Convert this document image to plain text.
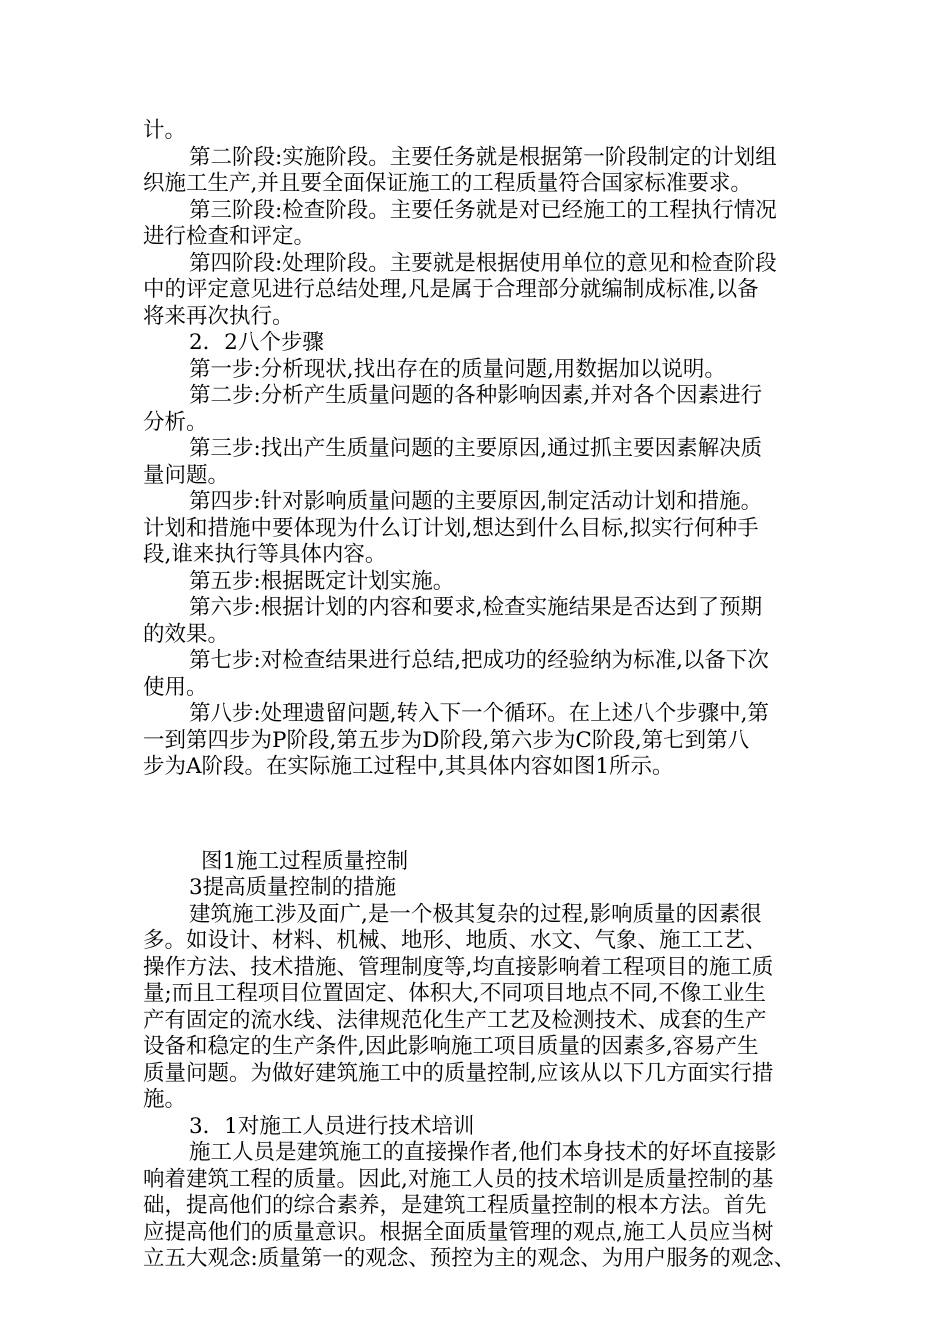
计。
第二阶段:实施阶段。主要任务就是根据第一阶段制定的计划组
织施工生产,并且要全面保证施工的工程质量符合国家标准要求。
第三阶段:检查阶段。主要任务就是对已经施工的工程执行情况
进行检查和评定。
第四阶段:处理阶段。主要就是根据使用单位的意见和检查阶段
中的评定意见进行总结处理,凡是属于合理部分就编制成标准,以备
将来再次执行。
2．2八个步骤
第一步:分析现状,找出存在的质量问题,用数据加以说明。
第二步:分析产生质量问题的各种影响因素,并对各个因素进行
分析。
第三步:找出产生质量问题的主要原因,通过抓主要因素解决质
量问题。
第四步:针对影响质量问题的主要原因,制定活动计划和措施。
计划和措施中要体现为什么订计划,想达到什么目标,拟实行何种手
段,谁来执行等具体内容。
第五步:根据既定计划实施。
第六步:根据计划的内容和要求,检查实施结果是否达到了预期
的效果。
第七步:对检查结果进行总结,把成功的经验纳为标准,以备下次
使用。
第八步:处理遗留问题,转入下一个循环。在上述八个步骤中,第
一到第四步为P阶段,第五步为D阶段,第六步为C阶段,第七到第八
步为A阶段。在实际施工过程中,其具体内容如图1所示。
图1施工过程质量控制
3提高质量控制的措施
建筑施工涉及面广,是一个极其复杂的过程,影响质量的因素很
多。如设计、材料、机械、地形、地质、水文、气象、施工工艺、
操作方法、技术措施、管理制度等,均直接影响着工程项目的施工质
量;而且工程项目位置固定、体积大,不同项目地点不同,不像工业生
产有固定的流水线、法律规范化生产工艺及检测技术、成套的生产
设备和稳定的生产条件,因此影响施工项目质量的因素多,容易产生
质量问题。为做好建筑施工中的质量控制,应该从以下几方面实行措
施。
3．1对施工人员进行技术培训
施工人员是建筑施工的直接操作者,他们本身技术的好坏直接影
响着建筑工程的质量。因此,对施工人员的技术培训是质量控制的基
础，提高他们的综合素养，是建筑工程质量控制的根本方法。首先
应提高他们的质量意识。根据全面质量管理的观点,施工人员应当树
立五大观念:质量第一的观念、预控为主的观念、为用户服务的观念、
